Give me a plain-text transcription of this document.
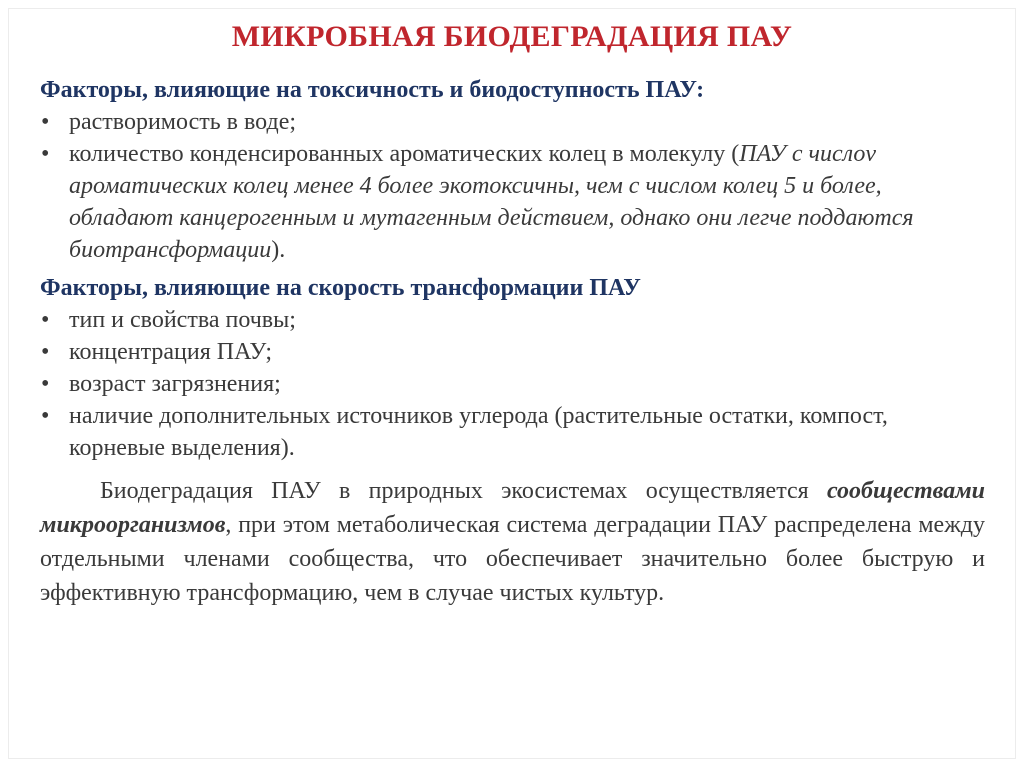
МИКРОБНАЯ БИОДЕГРАДАЦИЯ ПАУ
Факторы, влияющие на токсичность и биодоступность ПАУ:
• растворимость в воде;
• количество конденсированных ароматических колец в молекулу (ПАУ с числоv ароматических колец менее 4 более экотоксичны, чем с числом колец 5 и более, обладают канцерогенным и мутагенным действием, однако они легче поддаются биотрансформации).
Факторы, влияющие на скорость трансформации ПАУ
• тип и свойства почвы;
• концентрация ПАУ;
• возраст загрязнения;
• наличие дополнительных источников углерода (растительные остатки, компост, корневые выделения).
Биодеградация ПАУ в природных экосистемах осуществляется сообществами микроорганизмов, при этом метаболическая система деградации ПАУ распределена между отдельными членами сообщества, что обеспечивает значительно более быструю и эффективную трансформацию, чем в случае чистых культур.
